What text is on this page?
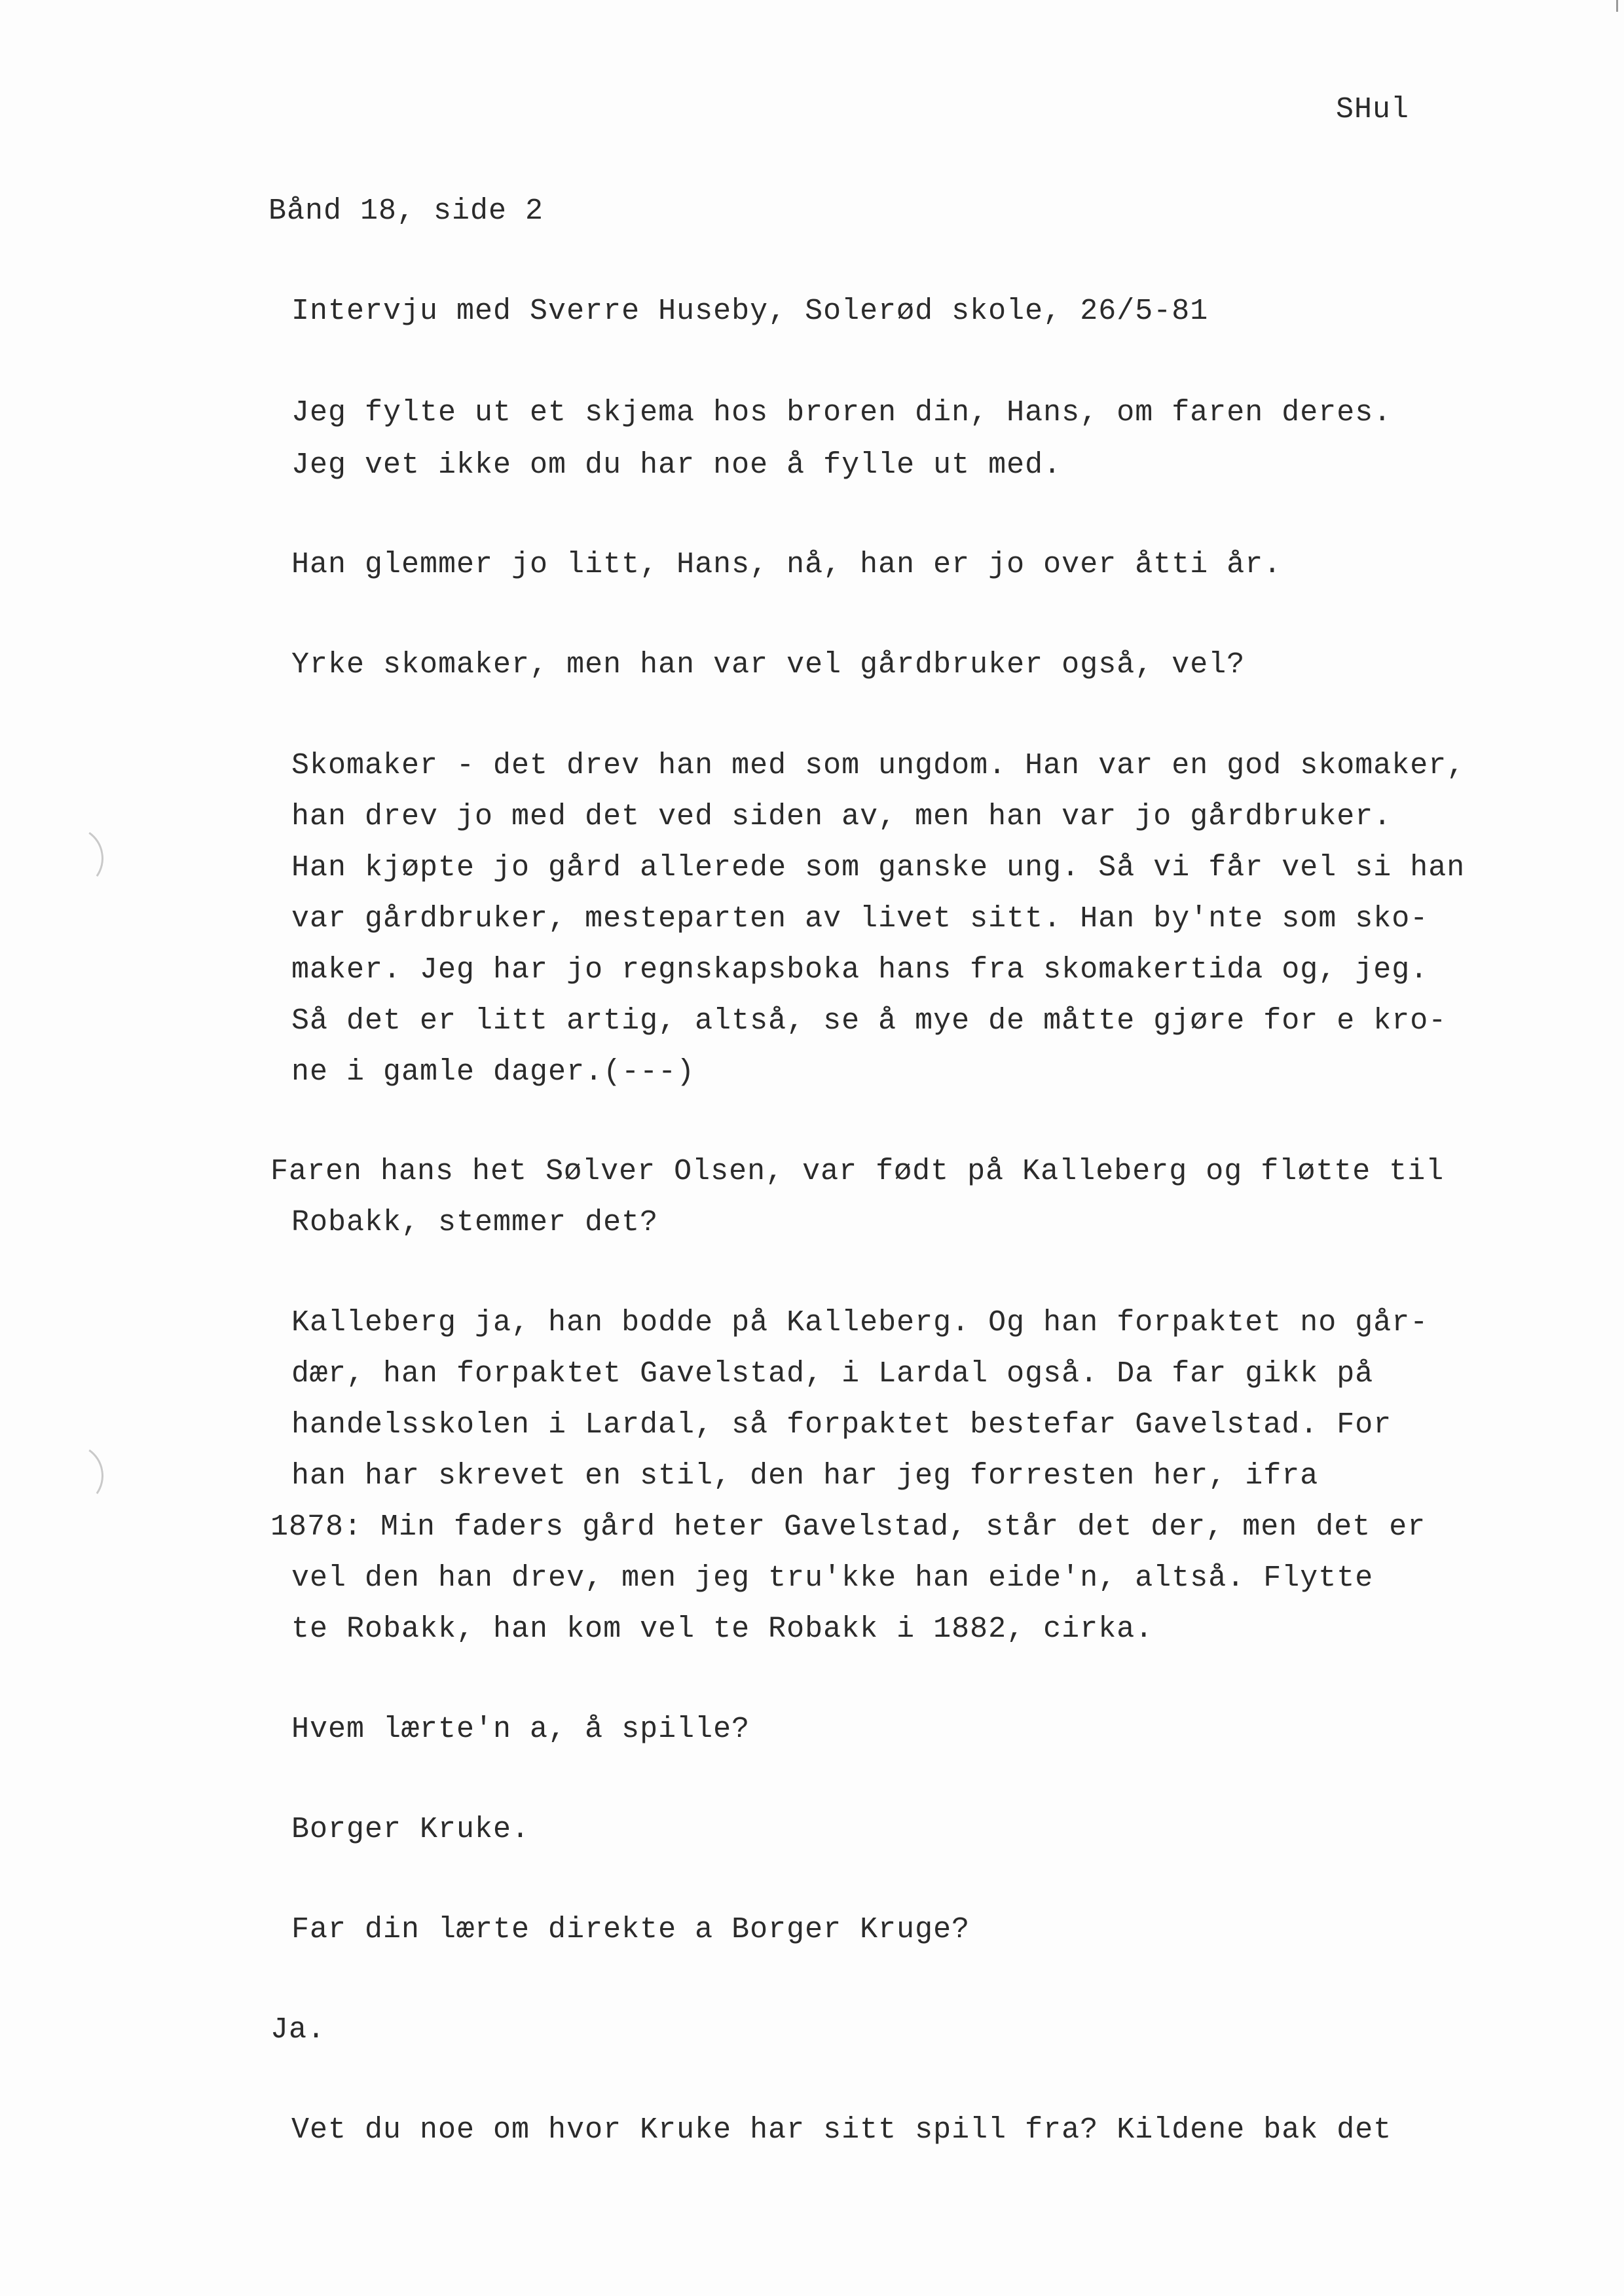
SHul
Bånd 18, side 2
Intervju med Sverre Huseby, Solerød skole, 26/5-81
Jeg fylte ut et skjema hos broren din, Hans, om faren deres.
Jeg vet ikke om du har noe å fylle ut med.
Han glemmer jo litt, Hans, nå, han er jo over åtti år.
Yrke skomaker, men han var vel gårdbruker også, vel?
Skomaker - det drev han med som ungdom. Han var en god skomaker,
han drev jo med det ved siden av, men han var jo gårdbruker.
Han kjøpte jo gård allerede som ganske ung. Så vi får vel si han
var gårdbruker, mesteparten av livet sitt. Han by'nte som sko-
maker. Jeg har jo regnskapsboka hans fra skomakertida og, jeg.
Så det er litt artig, altså, se å mye de måtte gjøre for e kro-
ne i gamle dager.(---)
Faren hans het Sølver Olsen, var født på Kalleberg og fløtte til
Robakk, stemmer det?
Kalleberg ja, han bodde på Kalleberg. Og han forpaktet no går-
dær, han forpaktet Gavelstad, i Lardal også. Da far gikk på
handelsskolen i Lardal, så forpaktet bestefar Gavelstad. For
han har skrevet en stil, den har jeg forresten her, ifra
1878: Min faders gård heter Gavelstad, står det der, men det er
vel den han drev, men jeg tru'kke han eide'n, altså. Flytte
te Robakk, han kom vel te Robakk i 1882, cirka.
Hvem lærte'n a, å spille?
Borger Kruke.
Far din lærte direkte a Borger Kruge?
Ja.
Vet du noe om hvor Kruke har sitt spill fra? Kildene bak det
